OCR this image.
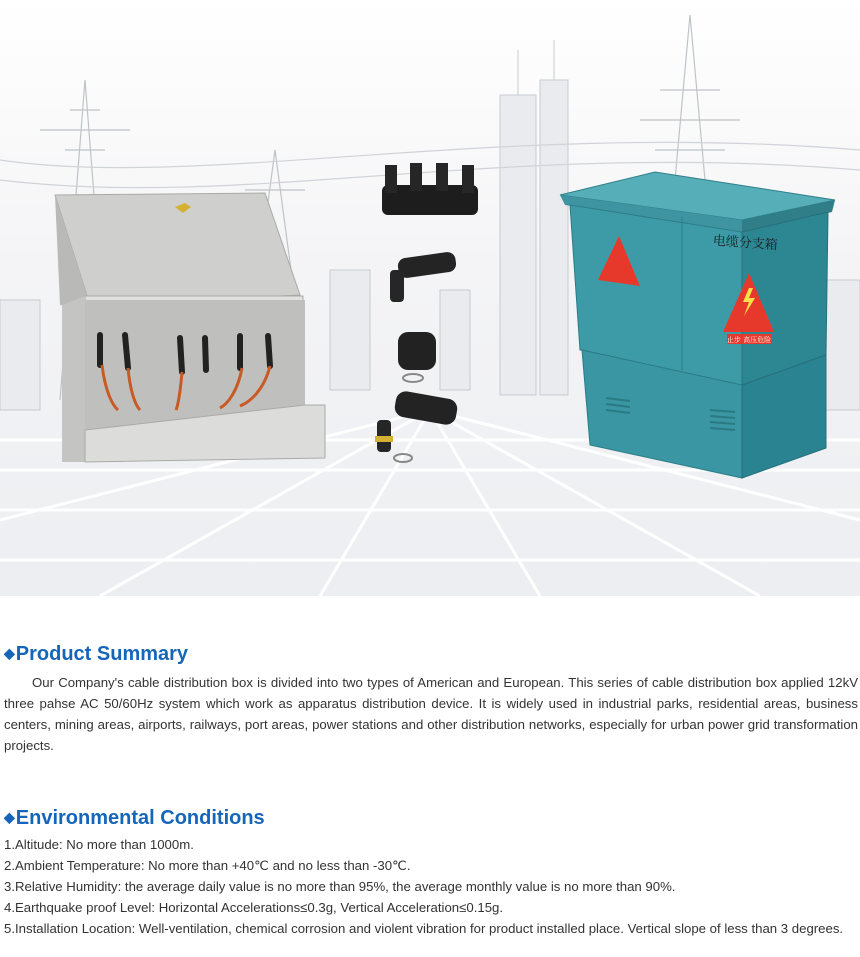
止步 高压危险
电缆分支箱
◆Product Summary

Our Company's cable distribution box is divided into two types of American and European. This series of cable distribution box applied 12kV three pahse AC 50/60Hz system which work as apparatus distribution device. It is widely used in industrial parks, residential areas, business centers, mining areas, airports, railways, port areas, power stations and other distribution networks, especially for urban power grid transformation projects.

◆Environmental Conditions
1.Altitude: No more than 1000m.
2.Ambient Temperature: No more than +40℃ and no less than -30℃.
3.Relative Humidity: the average daily value is no more than 95%, the average monthly value is no more than 90%.
4.Earthquake proof Level: Horizontal Accelerations≤0.3g, Vertical Acceleration≤0.15g.
5.Installation Location: Well-ventilation, chemical corrosion and violent vibration for product installed place. Vertical slope of less than 3 degrees.
